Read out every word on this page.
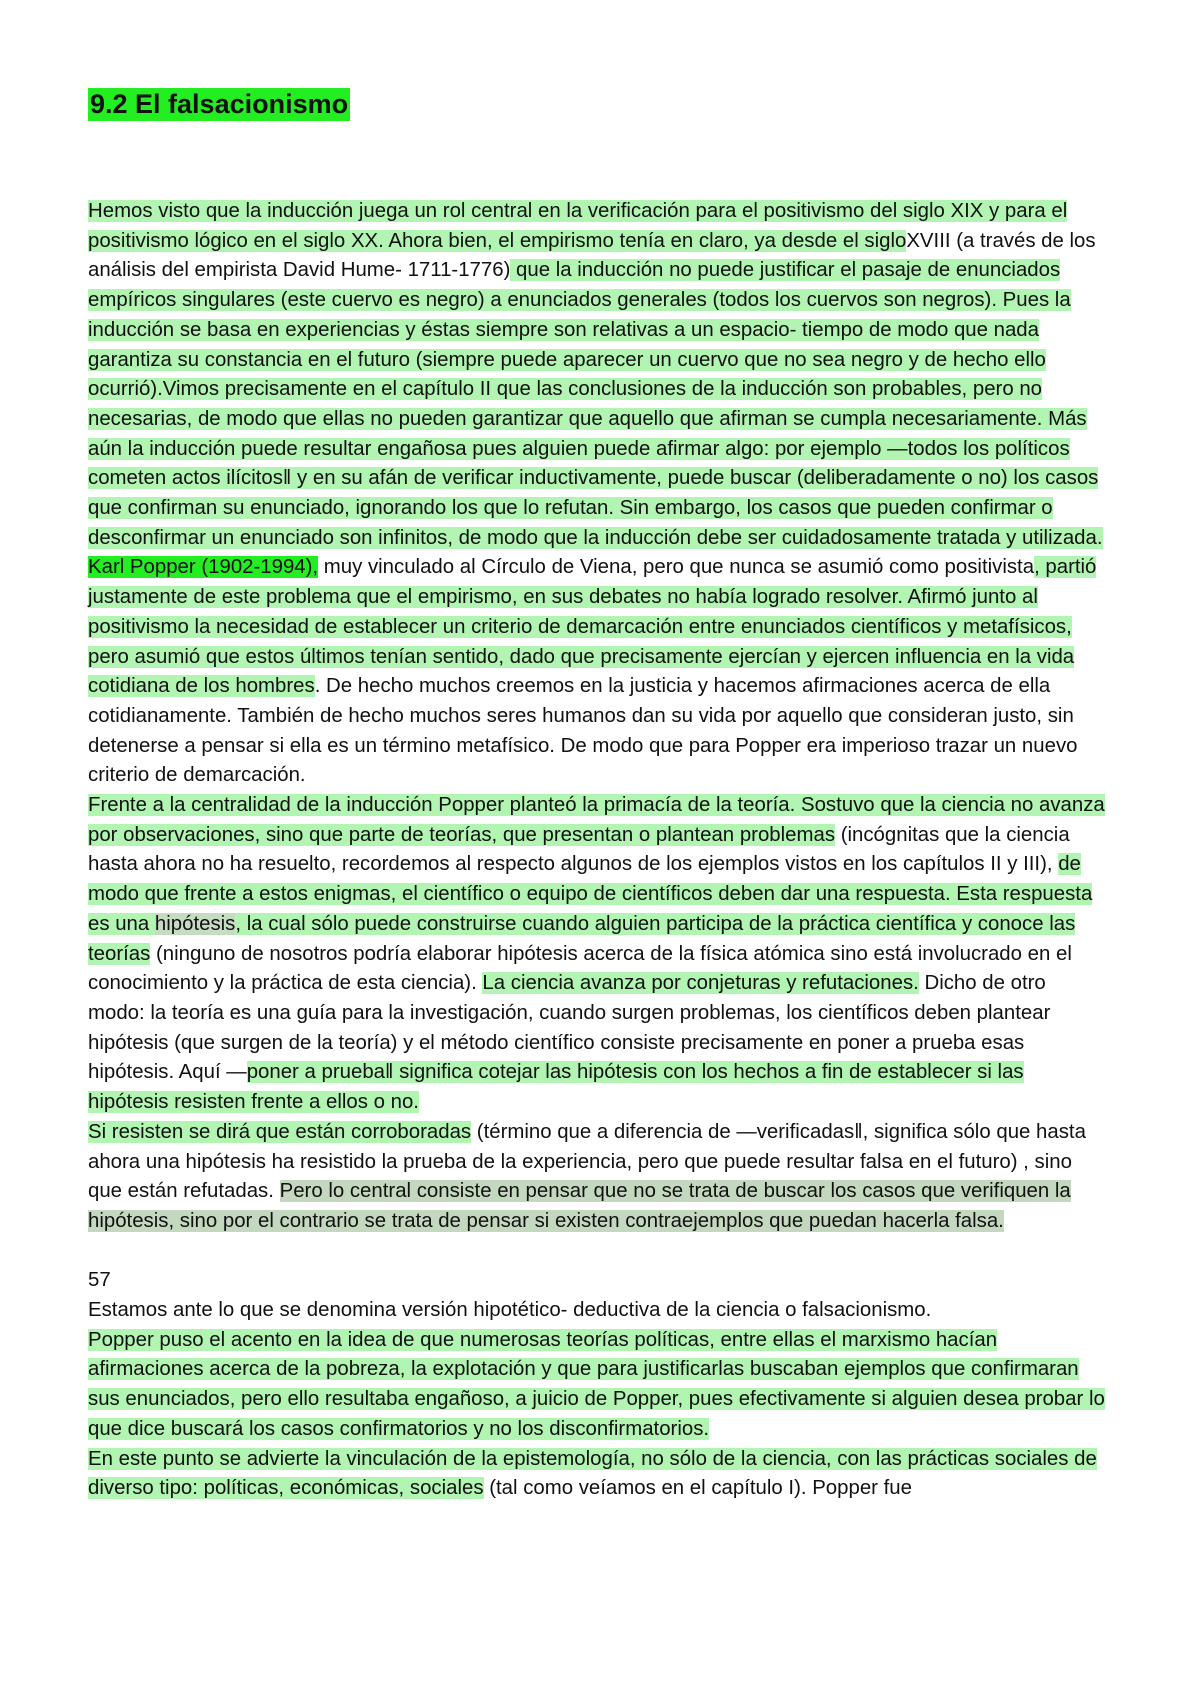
9.2 El falsacionismo

Hemos visto que la inducción juega un rol central en la verificación para el positivismo del siglo XIX y para el positivismo lógico en el siglo XX. Ahora bien, el empirismo tenía en claro, ya desde el sigloXVIII (a través de los análisis del empirista David Hume- 1711-1776) que la inducción no puede justificar el pasaje de enunciados empíricos singulares (este cuervo es negro) a enunciados generales (todos los cuervos son negros). Pues la inducción se basa en experiencias y éstas siempre son relativas a un espacio- tiempo de modo que nada garantiza su constancia en el futuro (siempre puede aparecer un cuervo que no sea negro y de hecho ello ocurrió).Vimos precisamente en el capítulo II que las conclusiones de la inducción son probables, pero no necesarias, de modo que ellas no pueden garantizar que aquello que afirman se cumpla necesariamente. Más aún la inducción puede resultar engañosa pues alguien puede afirmar algo: por ejemplo ―todos los políticos cometen actos ilícitos‖ y en su afán de verificar inductivamente, puede buscar (deliberadamente o no) los casos que confirman su enunciado, ignorando los que lo refutan. Sin embargo, los casos que pueden confirmar o desconfirmar un enunciado son infinitos, de modo que la inducción debe ser cuidadosamente tratada y utilizada.

Karl Popper (1902-1994), muy vinculado al Círculo de Viena, pero que nunca se asumió como positivista, partió justamente de este problema que el empirismo, en sus debates no había logrado resolver. Afirmó junto al positivismo la necesidad de establecer un criterio de demarcación entre enunciados científicos y metafísicos, pero asumió que estos últimos tenían sentido, dado que precisamente ejercían y ejercen influencia en la vida cotidiana de los hombres. De hecho muchos creemos en la justicia y hacemos afirmaciones acerca de ella cotidianamente. También de hecho muchos seres humanos dan su vida por aquello que consideran justo, sin detenerse a pensar si ella es un término metafísico. De modo que para Popper era imperioso trazar un nuevo criterio de demarcación.

Frente a la centralidad de la inducción Popper planteó la primacía de la teoría. Sostuvo que la ciencia no avanza por observaciones, sino que parte de teorías, que presentan o plantean problemas (incógnitas que la ciencia hasta ahora no ha resuelto, recordemos al respecto algunos de los ejemplos vistos en los capítulos II y III), de modo que frente a estos enigmas, el científico o equipo de científicos deben dar una respuesta. Esta respuesta es una hipótesis, la cual sólo puede construirse cuando alguien participa de la práctica científica y conoce las teorías (ninguno de nosotros podría elaborar hipótesis acerca de la física atómica sino está involucrado en el conocimiento y la práctica de esta ciencia). La ciencia avanza por conjeturas y refutaciones. Dicho de otro modo: la teoría es una guía para la investigación, cuando surgen problemas, los científicos deben plantear hipótesis (que surgen de la teoría) y el método científico consiste precisamente en poner a prueba esas hipótesis. Aquí ―poner a prueba‖ significa cotejar las hipótesis con los hechos a fin de establecer si las hipótesis resisten frente a ellos o no.

Si resisten se dirá que están corroboradas (término que a diferencia de ―verificadas‖, significa sólo que hasta ahora una hipótesis ha resistido la prueba de la experiencia, pero que puede resultar falsa en el futuro) , sino que están refutadas. Pero lo central consiste en pensar que no se trata de buscar los casos que verifiquen la hipótesis, sino por el contrario se trata de pensar si existen contraejemplos que puedan hacerla falsa.

57

Estamos ante lo que se denomina versión hipotético- deductiva de la ciencia o falsacionismo.

Popper puso el acento en la idea de que numerosas teorías políticas, entre ellas el marxismo hacían afirmaciones acerca de la pobreza, la explotación y que para justificarlas buscaban ejemplos que confirmaran sus enunciados, pero ello resultaba engañoso, a juicio de Popper, pues efectivamente si alguien desea probar lo que dice buscará los casos confirmatorios y no los disconfirmatorios.

En este punto se advierte la vinculación de la epistemología, no sólo de la ciencia, con las prácticas sociales de diverso tipo: políticas, económicas, sociales (tal como veíamos en el capítulo I). Popper fue
